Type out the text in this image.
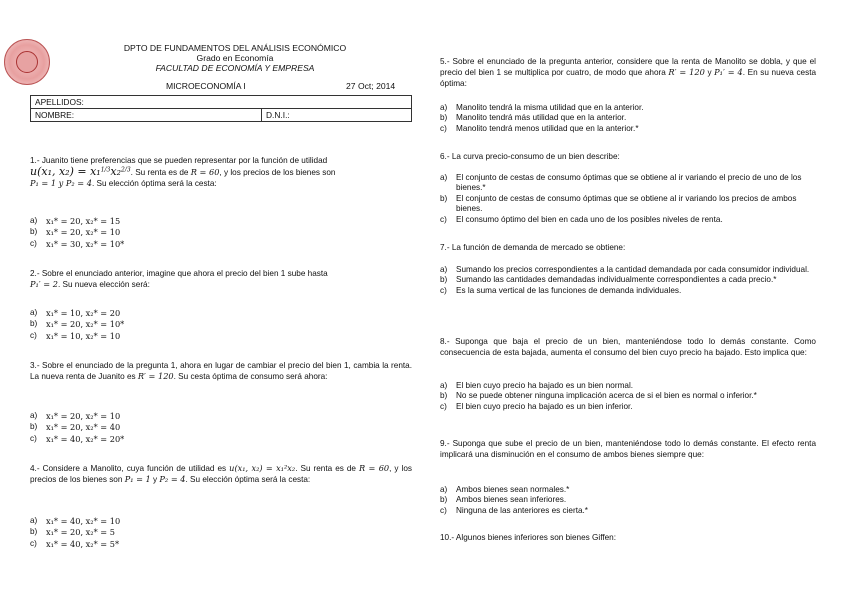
DPTO DE FUNDAMENTOS DEL ANÁLISIS ECONÓMICO
Grado en Economía
FACULTAD DE ECONOMÍA Y EMPRESA
MICROECONOMÍA I	27 Oct; 2014
APELLIDOS:
NOMBRE:	D.N.I.:
1.- Juanito tiene preferencias que se pueden representar por la función de utilidad
u(x₁, x₂) = x₁$^{1/3}$x₂$^{2/3}$. Su renta es de R = 60, y los precios de los bienes son
P₁ = 1 y P₂ = 4. Su elección óptima será la cesta:
a) x₁* = 20, x₂* = 15
b) x₁* = 20, x₂* = 10
c) x₁* = 30, x₂* = 10*
2.- Sobre el enunciado anterior, imagine que ahora el precio del bien 1 sube hasta
P₁′ = 2. Su nueva elección será:
a) x₁* = 10, x₂* = 20
b) x₁* = 20, x₂* = 10*
c) x₁* = 10, x₂* = 10
3.- Sobre el enunciado de la pregunta 1, ahora en lugar de cambiar el precio del bien 1, cambia la renta. La nueva renta de Juanito es R′ = 120. Su cesta óptima de consumo será ahora:
a) x₁* = 20, x₂* = 10
b) x₁* = 20, x₂* = 40
c) x₁* = 40, x₂* = 20*
4.- Considere a Manolito, cuya función de utilidad es u(x₁, x₂) = x₁²x₂. Su renta es de R = 60, y los precios de los bienes son P₁ = 1 y P₂ = 4. Su elección óptima será la cesta:
a) x₁* = 40, x₂* = 10
b) x₁* = 20, x₂* = 5
c) x₁* = 40, x₂* = 5*
5.- Sobre el enunciado de la pregunta anterior, considere que la renta de Manolito se dobla, y que el precio del bien 1 se multiplica por cuatro, de modo que ahora R′ = 120 y P₁′ = 4. En su nueva cesta óptima:
a) Manolito tendrá la misma utilidad que en la anterior.
b) Manolito tendrá más utilidad que en la anterior.
c) Manolito tendrá menos utilidad que en la anterior.*
6.- La curva precio-consumo de un bien describe:
a) El conjunto de cestas de consumo óptimas que se obtiene al ir variando el precio de uno de los bienes.*
b) El conjunto de cestas de consumo óptimas que se obtiene al ir variando los precios de ambos bienes.
c) El consumo óptimo del bien en cada uno de los posibles niveles de renta.
7.- La función de demanda de mercado se obtiene:
a) Sumando los precios correspondientes a la cantidad demandada por cada consumidor individual.
b) Sumando las cantidades demandadas individualmente correspondientes a cada precio.*
c) Es la suma vertical de las funciones de demanda individuales.
8.- Suponga que baja el precio de un bien, manteniéndose todo lo demás constante. Como consecuencia de esta bajada, aumenta el consumo del bien cuyo precio ha bajado. Esto implica que:
a) El bien cuyo precio ha bajado es un bien normal.
b) No se puede obtener ninguna implicación acerca de si el bien es normal o inferior.*
c) El bien cuyo precio ha bajado es un bien inferior.
9.- Suponga que sube el precio de un bien, manteniéndose todo lo demás constante. El efecto renta implicará una disminución en el consumo de ambos bienes siempre que:
a) Ambos bienes sean normales.*
b) Ambos bienes sean inferiores.
c) Ninguna de las anteriores es cierta.*
10.- Algunos bienes inferiores son bienes Giffen:
